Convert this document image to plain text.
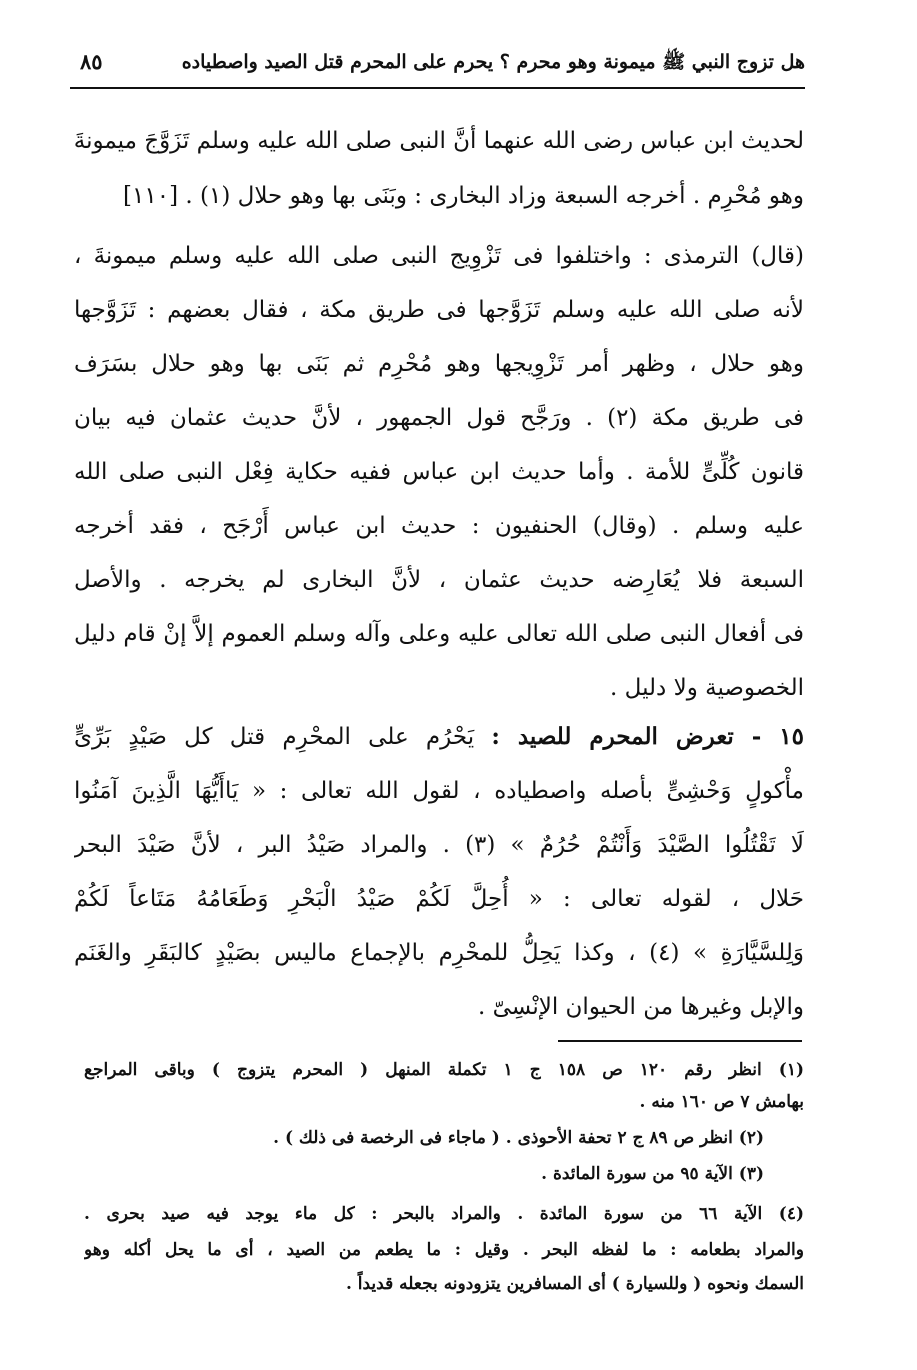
هل تزوج النبي ﷺ ميمونة وهو محرم ؟ يحرم على المحرم قتل الصيد واصطياده
٨٥
لحديث ابن عباس رضى الله عنهما أنَّ النبى صلى الله عليه وسلم تَزَوَّجَ ميمونةَ
وهو مُحْرِم . أخرجه السبعة وزاد البخارى : وبَنَى بها وهو حلال (١) . [١١٠]
(قال) الترمذى : واختلفوا فى تَزْوِيج النبى صلى الله عليه وسلم ميمونةَ ،
لأنه صلى الله عليه وسلم تَزَوَّجها فى طريق مكة ، فقال بعضهم : تَزَوَّجها
وهو حلال ، وظهر أمر تَزْوِيجها وهو مُحْرِم ثم بَنَى بها وهو حلال بسَرَف
فى طريق مكة (٢) . ورَجَّح قول الجمهور ، لأنَّ حديث عثمان فيه بيان
قانون كُلِّىٍّ للأمة . وأما حديث ابن عباس ففيه حكاية فِعْل النبى صلى الله
عليه وسلم . (وقال) الحنفيون : حديث ابن عباس أَرْجَح ، فقد أخرجه
السبعة فلا يُعَارِضه حديث عثمان ، لأنَّ البخارى لم يخرجه . والأصل
فى أفعال النبى صلى الله تعالى عليه وعلى وآله وسلم العموم إلاَّ إنْ قام دليل
الخصوصية ولا دليل .
١٥ - تعرض المحرم للصيد : يَحْرُم على المحْرِم قتل كل صَيْدٍ بَرِّىٍّ
مأْكولٍ وَحْشِىٍّ بأصله واصطياده ، لقول الله تعالى : « يَاأَيُّهَا الَّذِينَ آمَنُوا
لَا تَقْتُلُوا الصَّيْدَ وَأَنْتُمْ حُرُمٌ » (٣) . والمراد صَيْدُ البر ، لأنَّ صَيْدَ البحر
حَلال ، لقوله تعالى : « أُحِلَّ لَكُمْ صَيْدُ الْبَحْرِ وَطَعَامُهُ مَتَاعاً لَكُمْ
وَلِلسَّيَّارَةِ » (٤) ، وكذا يَحِلُّ للمحْرِم بالإجماع ماليس بصَيْدٍ كالبَقَرِ والغَنَم
والإبل وغيرها من الحيوان الإنْسِىّ .
(١) انظر رقم ١٢٠ ص ١٥٨ ج ١ تكملة المنهل ( المحرم يتزوج ) وباقى المراجع
بهامش ٧ ص ١٦٠ منه .
(٢) انظر ص ٨٩ ج ٢ تحفة الأحوذى . ( ماجاء فى الرخصة فى ذلك ) .
(٣) الآية ٩٥ من سورة المائدة .
(٤) الآية ٦٦ من سورة المائدة . والمراد بالبحر : كل ماء يوجد فيه صيد بحرى .
والمراد بطعامه : ما لفظه البحر . وقيل : ما يطعم من الصيد ، أى ما يحل أكله وهو
السمك ونحوه ( وللسيارة ) أى المسافرين يتزودونه بجعله قديداً .
